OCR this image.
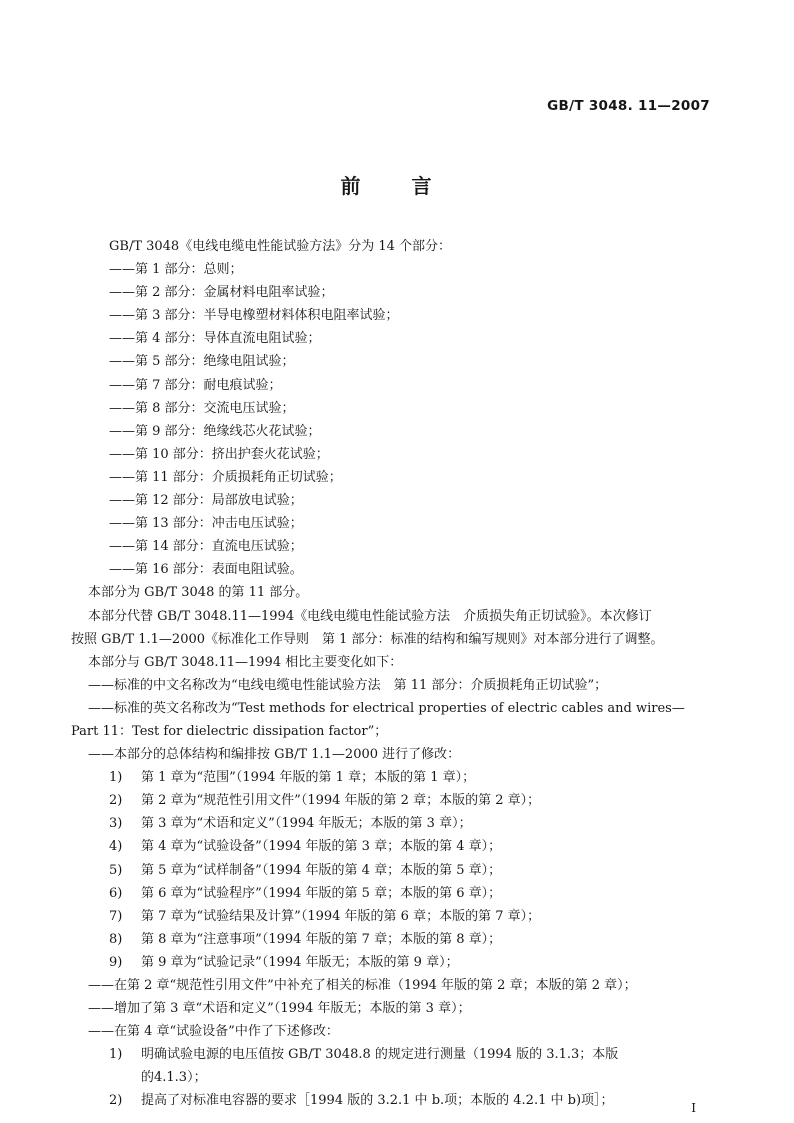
GB/T 3048. 11—2007
前 言
GB/T 3048《电线电缆电性能试验方法》分为 14 个部分：
——第 1 部分：总则；
——第 2 部分：金属材料电阻率试验；
——第 3 部分：半导电橡塑材料体积电阻率试验；
——第 4 部分：导体直流电阻试验；
——第 5 部分：绝缘电阻试验；
——第 7 部分：耐电痕试验；
——第 8 部分：交流电压试验；
——第 9 部分：绝缘线芯火花试验；
——第 10 部分：挤出护套火花试验；
——第 11 部分：介质损耗角正切试验；
——第 12 部分：局部放电试验；
——第 13 部分：冲击电压试验；
——第 14 部分：直流电压试验；
——第 16 部分：表面电阻试验。
本部分为 GB/T 3048 的第 11 部分。
本部分代替 GB/T 3048.11—1994《电线电缆电性能试验方法　介质损失角正切试验》。本次修订
按照 GB/T 1.1—2000《标准化工作导则　第 1 部分：标准的结构和编写规则》对本部分进行了调整。
本部分与 GB/T 3048.11—1994 相比主要变化如下：
——标准的中文名称改为“电线电缆电性能试验方法　第 11 部分：介质损耗角正切试验”；
——标准的英文名称改为“Test methods for electrical properties of electric cables and wires—
Part 11：Test for dielectric dissipation factor”；
——本部分的总体结构和编排按 GB/T 1.1—2000 进行了修改：
1) 第 1 章为“范围”（1994 年版的第 1 章；本版的第 1 章）；
2) 第 2 章为“规范性引用文件”（1994 年版的第 2 章；本版的第 2 章）；
3) 第 3 章为“术语和定义”（1994 年版无；本版的第 3 章）；
4) 第 4 章为“试验设备”（1994 年版的第 3 章；本版的第 4 章）；
5) 第 5 章为“试样制备”（1994 年版的第 4 章；本版的第 5 章）；
6) 第 6 章为“试验程序”（1994 年版的第 5 章；本版的第 6 章）；
7) 第 7 章为“试验结果及计算”（1994 年版的第 6 章；本版的第 7 章）；
8) 第 8 章为“注意事项”（1994 年版的第 7 章；本版的第 8 章）；
9) 第 9 章为“试验记录”（1994 年版无；本版的第 9 章）；
——在第 2 章“规范性引用文件”中补充了相关的标准（1994 年版的第 2 章；本版的第 2 章）；
——增加了第 3 章“术语和定义”（1994 年版无；本版的第 3 章）；
——在第 4 章“试验设备”中作了下述修改：
1) 明确试验电源的电压值按 GB/T 3048.8 的规定进行测量（1994 版的 3.1.3；本版
的4.1.3）；
2) 提高了对标准电容器的要求［1994 版的 3.2.1 中 b.项；本版的 4.2.1 中 b)项］；	I
